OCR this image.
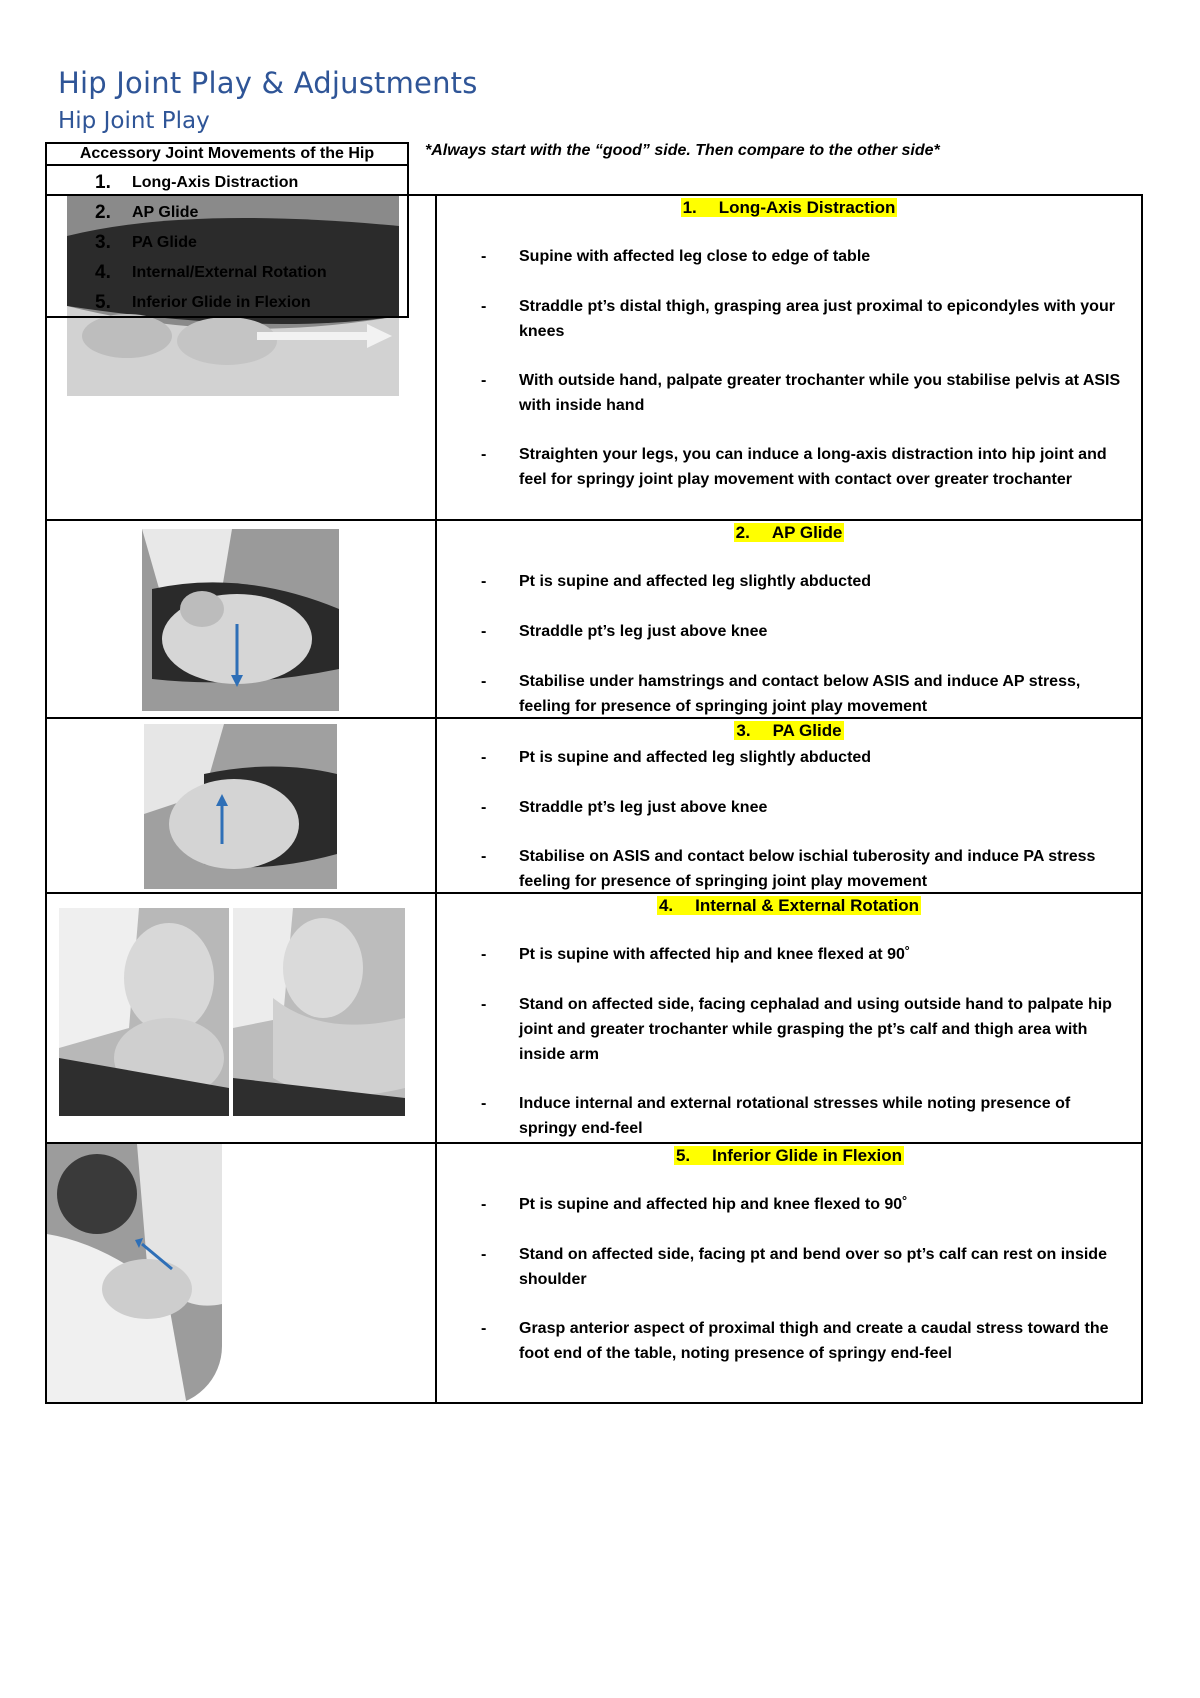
Hip Joint Play & Adjustments
Hip Joint Play
*Always start with the “good” side. Then compare to the other side*
Accessory Joint Movements of the Hip
1. Long-Axis Distraction
2. AP Glide
3. PA Glide
4. Internal/External Rotation
5. Inferior Glide in Flexion
1. Long-Axis Distraction
- Supine with affected leg close to edge of table
- Straddle pt’s distal thigh, grasping area just proximal to epicondyles with your knees
- With outside hand, palpate greater trochanter while you stabilise pelvis at ASIS with inside hand
- Straighten your legs, you can induce a long-axis distraction into hip joint and feel for springy joint play movement with contact over greater trochanter
2. AP Glide
- Pt is supine and affected leg slightly abducted
- Straddle pt’s leg just above knee
- Stabilise under hamstrings and contact below ASIS and induce AP stress, feeling for presence of springing joint play movement
3. PA Glide
- Pt is supine and affected leg slightly abducted
- Straddle pt’s leg just above knee
- Stabilise on ASIS and contact below ischial tuberosity and induce PA stress feeling for presence of springing joint play movement
4. Internal & External Rotation
- Pt is supine with affected hip and knee flexed at 90˚
- Stand on affected side, facing cephalad and using outside hand to palpate hip joint and greater trochanter while grasping the pt’s calf and thigh area with inside arm
- Induce internal and external rotational stresses while noting presence of springy end-feel
5. Inferior Glide in Flexion
- Pt is supine and affected hip and knee flexed to 90˚
- Stand on affected side, facing pt and bend over so pt’s calf can rest on inside shoulder
- Grasp anterior aspect of proximal thigh and create a caudal stress toward the foot end of the table, noting presence of springy end-feel
